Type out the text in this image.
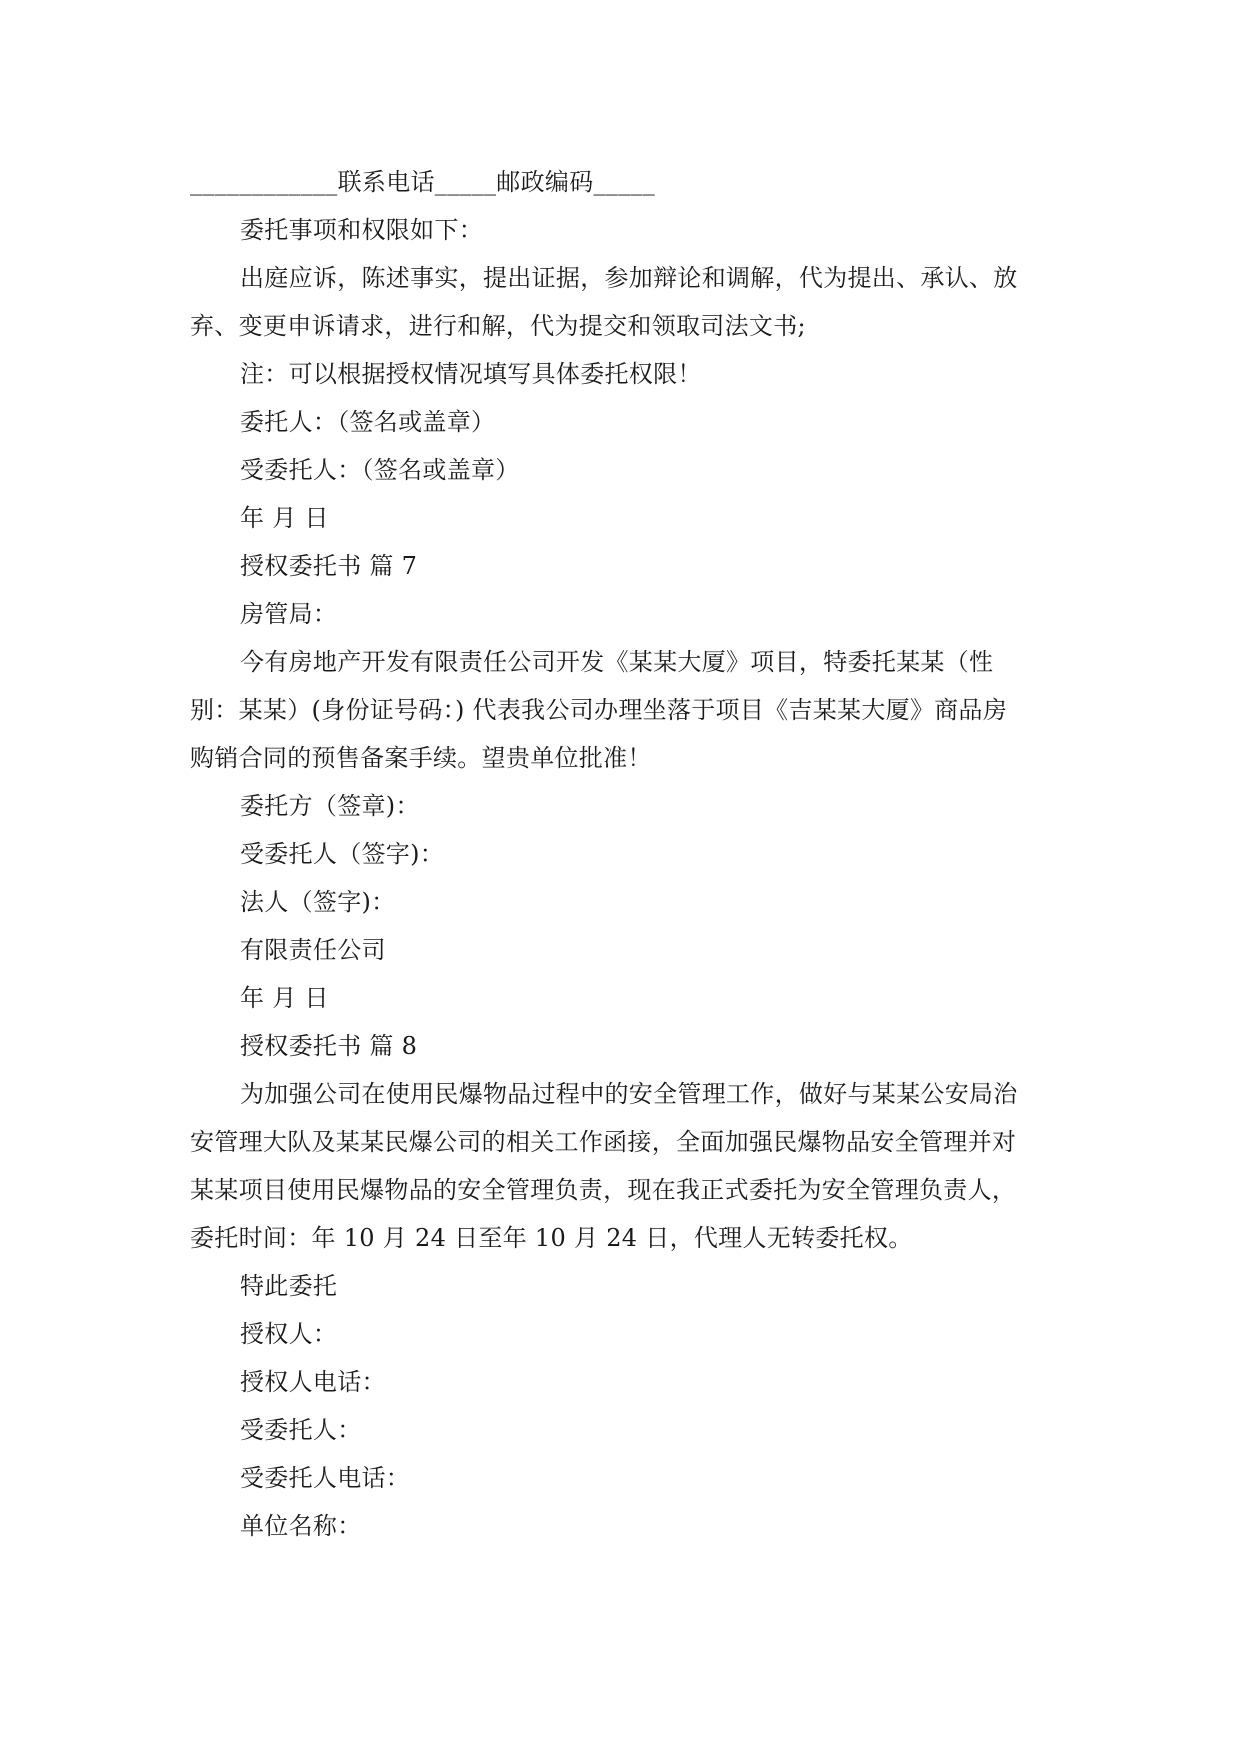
____________联系电话_____邮政编码_____
委托事项和权限如下：
出庭应诉，陈述事实，提出证据，参加辩论和调解，代为提出、承认、放
弃、变更申诉请求，进行和解，代为提交和领取司法文书;
注：可以根据授权情况填写具体委托权限！
委托人：（签名或盖章）
受委托人：（签名或盖章）
年 月 日
授权委托书 篇 7
房管局：
今有房地产开发有限责任公司开发《某某大厦》项目，特委托某某（性
别：某某）(身份证号码：) 代表我公司办理坐落于项目《吉某某大厦》商品房
购销合同的预售备案手续。望贵单位批准！
委托方（签章)：
受委托人（签字)：
法人（签字)：
有限责任公司
年 月 日
授权委托书 篇 8
为加强公司在使用民爆物品过程中的安全管理工作，做好与某某公安局治
安管理大队及某某民爆公司的相关工作函接，全面加强民爆物品安全管理并对
某某项目使用民爆物品的安全管理负责，现在我正式委托为安全管理负责人，
委托时间：年 10 月 24 日至年 10 月 24 日，代理人无转委托权。
特此委托
授权人：
授权人电话：
受委托人：
受委托人电话：
单位名称：
